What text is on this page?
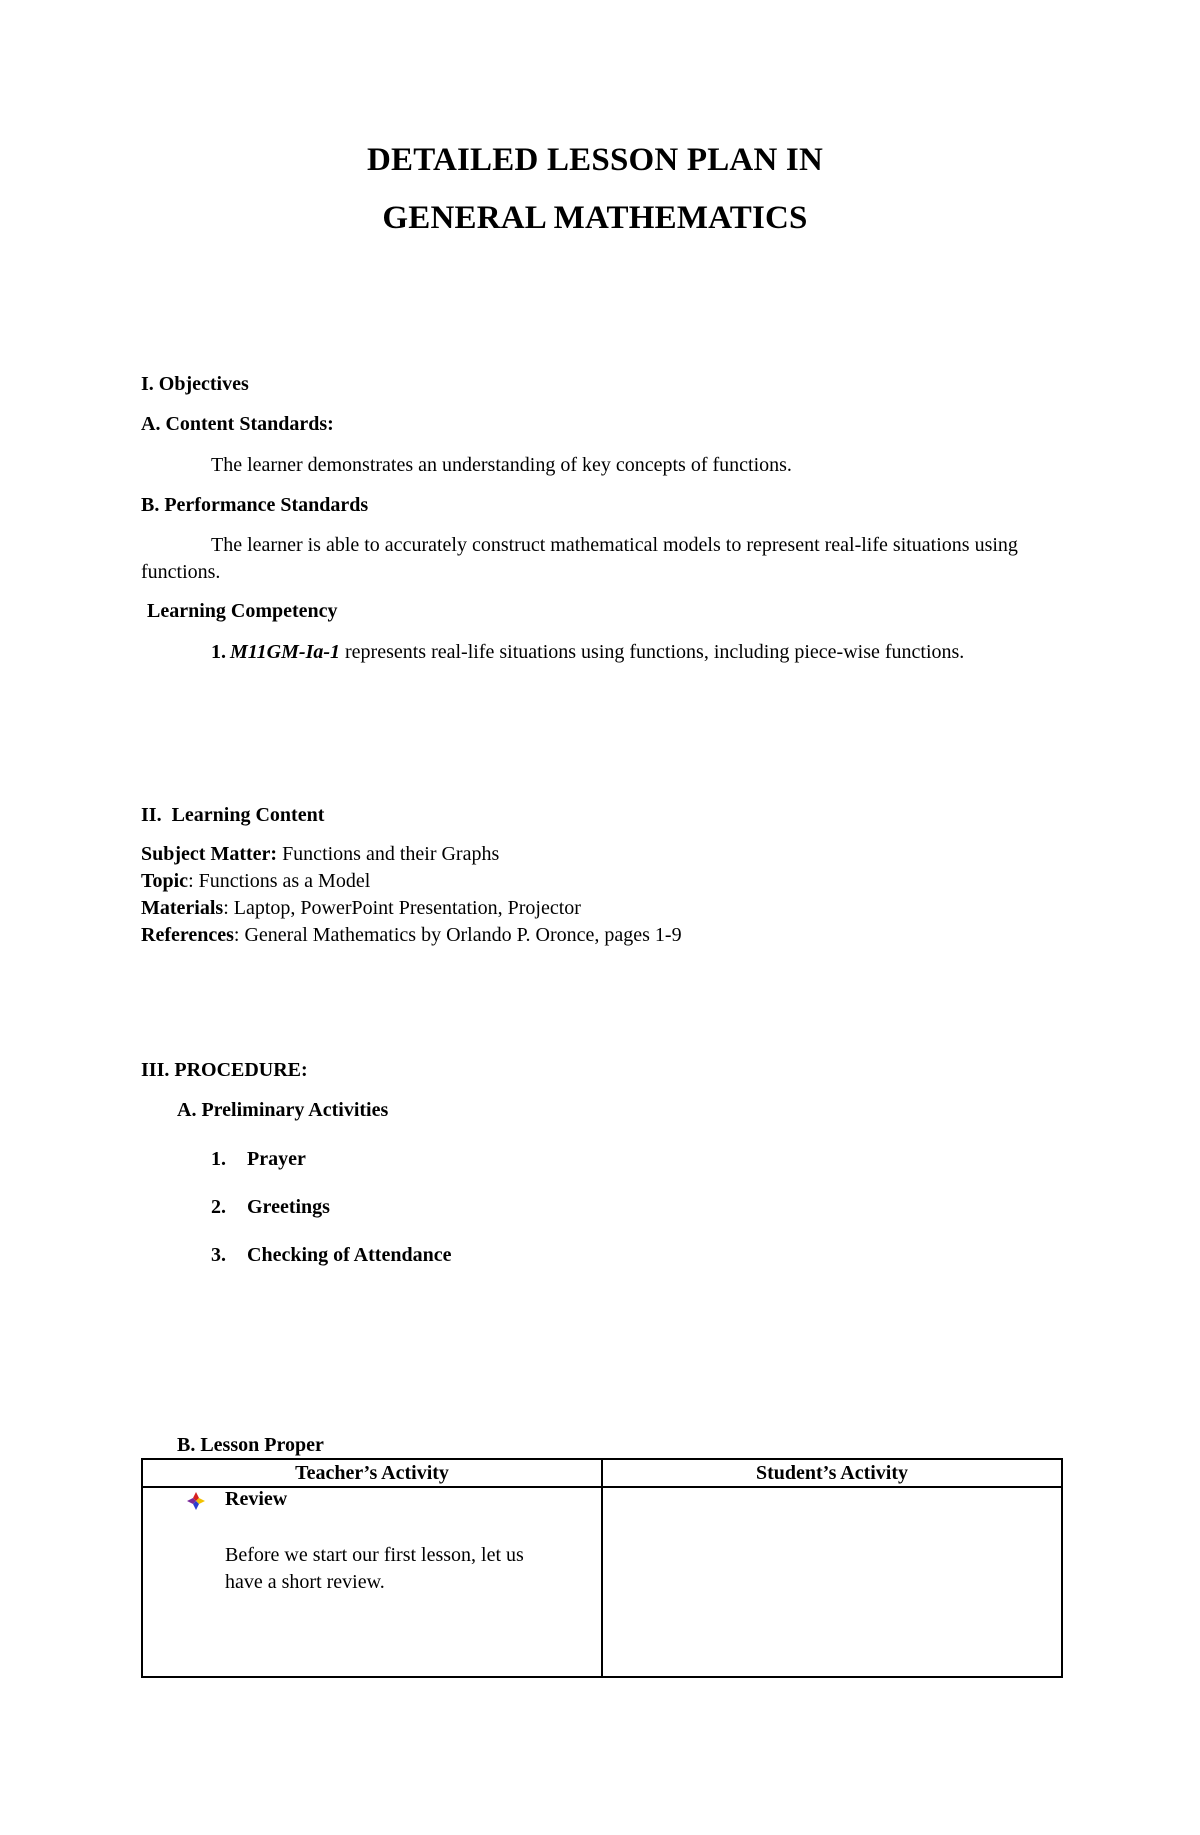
DETAILED LESSON PLAN IN
GENERAL MATHEMATICS
I. Objectives
A. Content Standards:
The learner demonstrates an understanding of key concepts of functions.
B. Performance Standards
The learner is able to accurately construct mathematical models to represent real-life situations using functions.
Learning Competency
1. M11GM-Ia-1 represents real-life situations using functions, including piece-wise functions.
II.  Learning Content
Subject Matter: Functions and their Graphs
Topic: Functions as a Model
Materials: Laptop, PowerPoint Presentation, Projector
References: General Mathematics by Orlando P. Oronce, pages 1-9
III. PROCEDURE:
A. Preliminary Activities
1. Prayer
2. Greetings
3. Checking of Attendance
B. Lesson Proper
Teacher’s Activity	Student’s Activity

Review
Before we start our first lesson, let us have a short review.	
